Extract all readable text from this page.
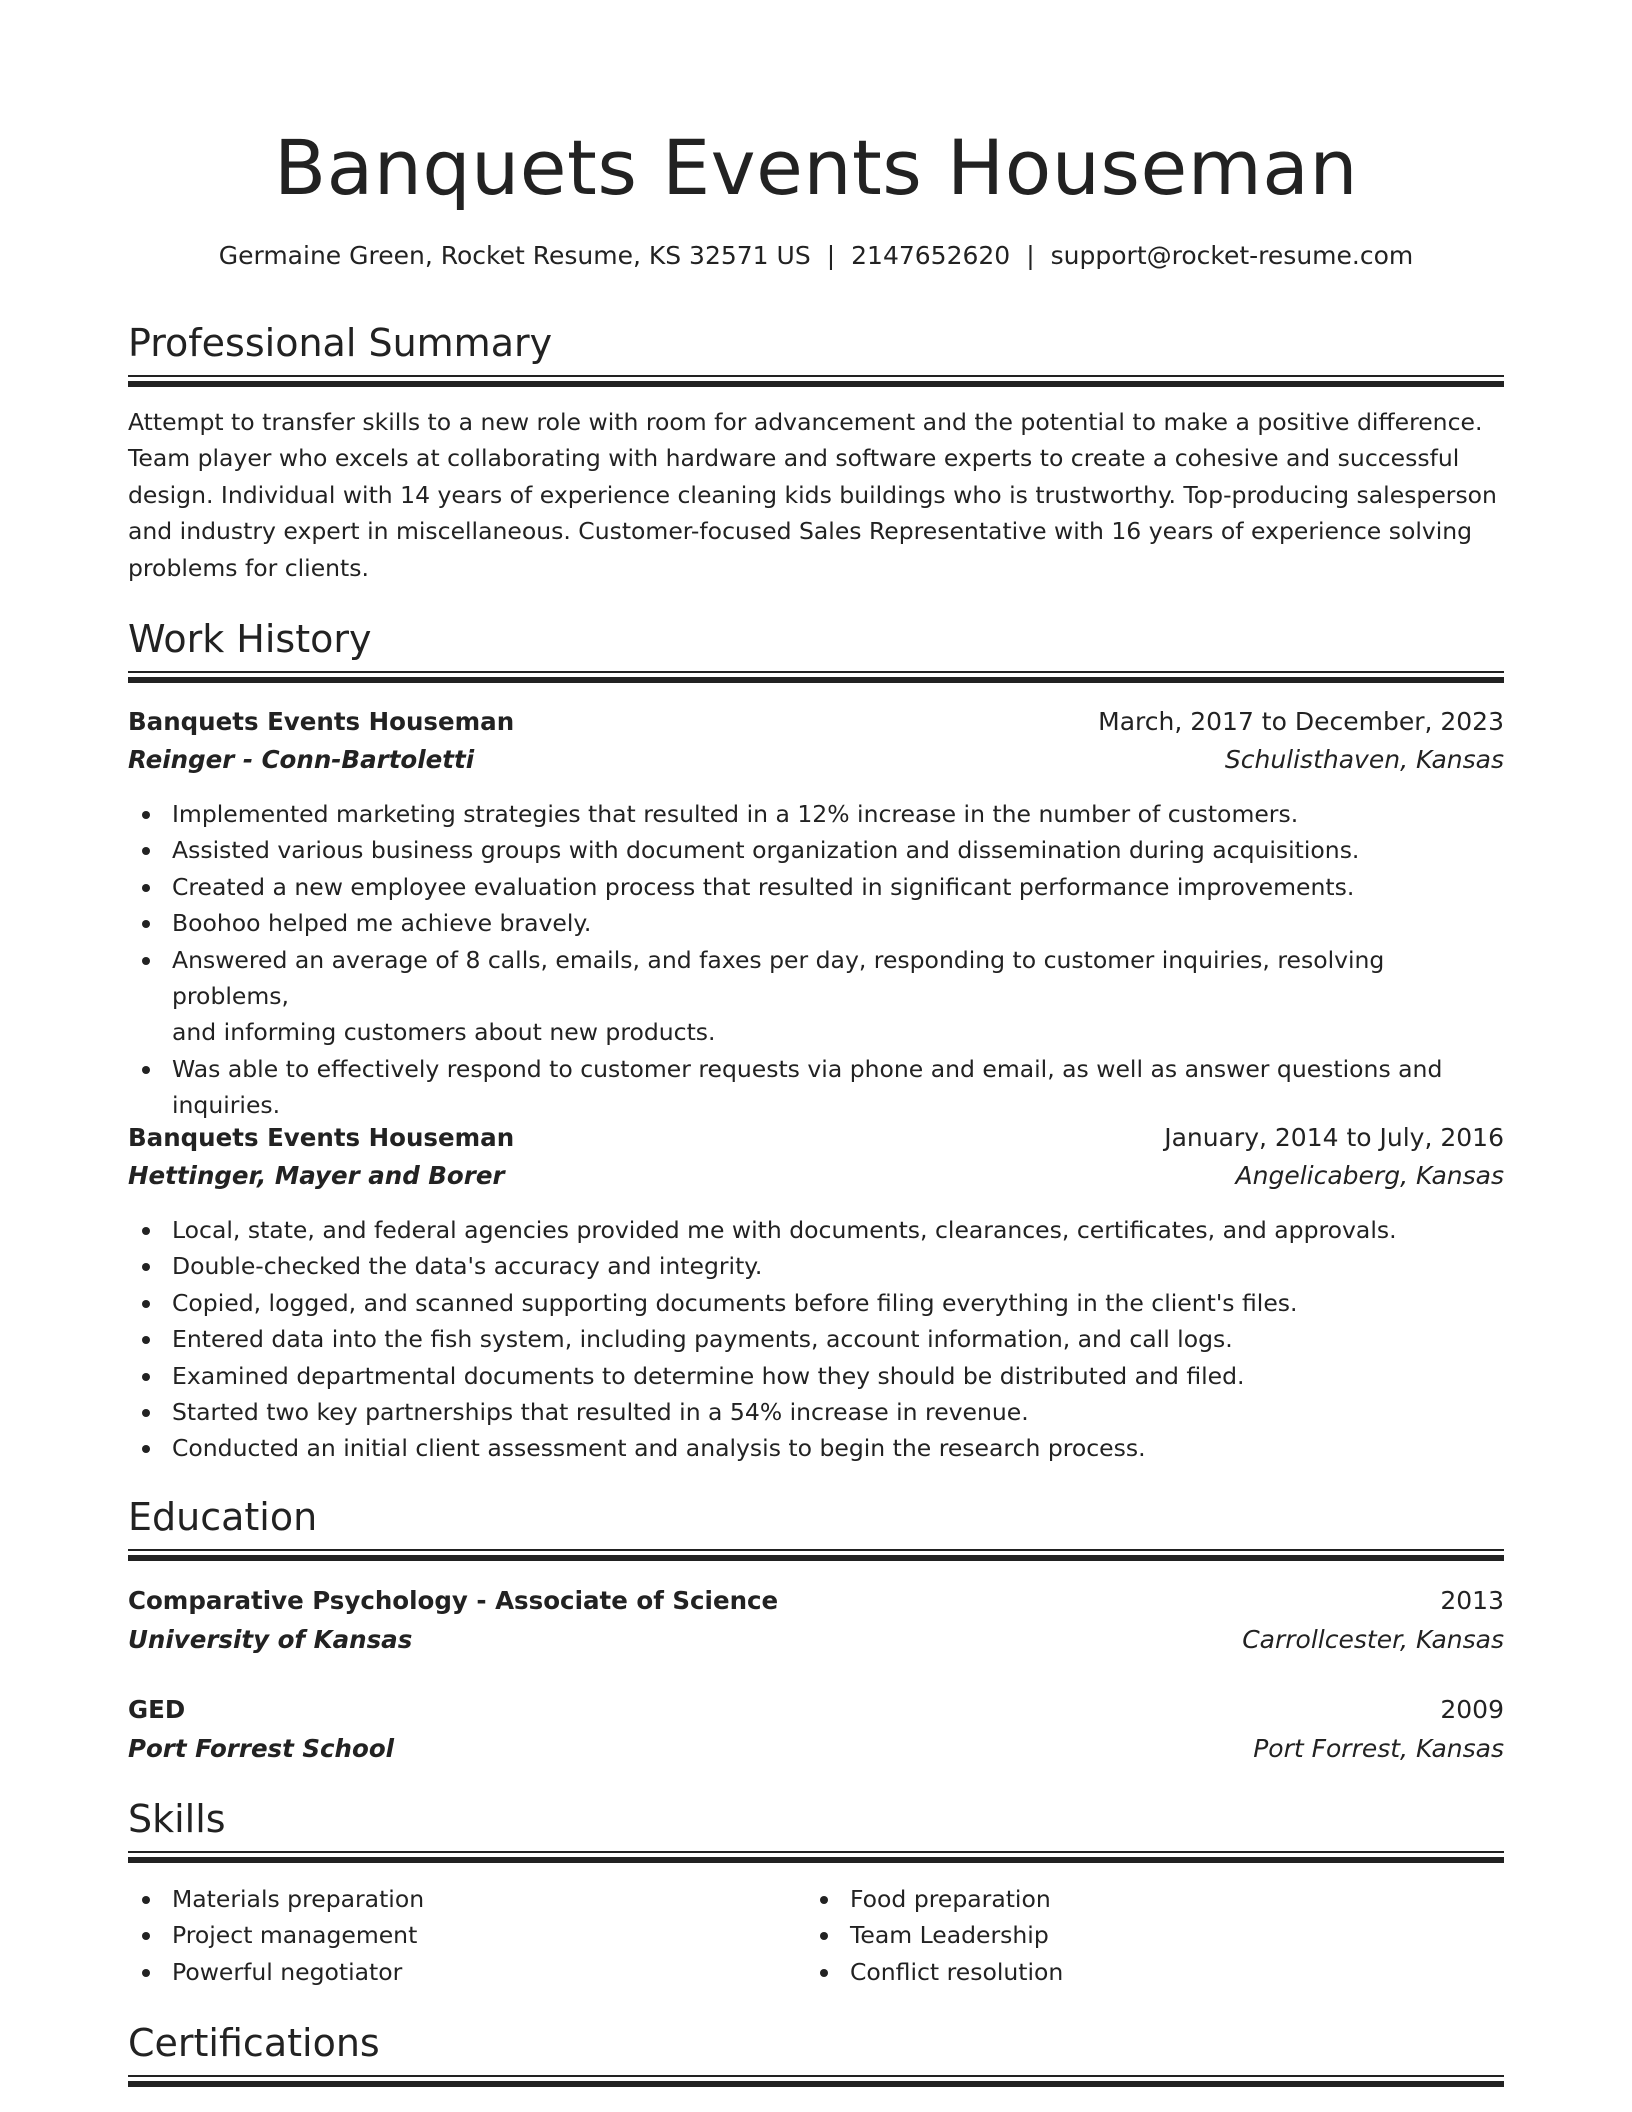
Banquets Events Houseman
Germaine Green, Rocket Resume, KS 32571 US | 2147652620 | support@rocket-resume.com
Professional Summary
Attempt to transfer skills to a new role with room for advancement and the potential to make a positive difference.
Team player who excels at collaborating with hardware and software experts to create a cohesive and successful
design. Individual with 14 years of experience cleaning kids buildings who is trustworthy. Top-producing salesperson
and industry expert in miscellaneous. Customer-focused Sales Representative with 16 years of experience solving
problems for clients.
Work History
Banquets Events Houseman	March, 2017 to December, 2023
Reinger - Conn-Bartoletti	Schulisthaven, Kansas
Implemented marketing strategies that resulted in a 12% increase in the number of customers.
Assisted various business groups with document organization and dissemination during acquisitions.
Created a new employee evaluation process that resulted in significant performance improvements.
Boohoo helped me achieve bravely.
Answered an average of 8 calls, emails, and faxes per day, responding to customer inquiries, resolving problems,
and informing customers about new products.
Was able to effectively respond to customer requests via phone and email, as well as answer questions and
inquiries.
Banquets Events Houseman	January, 2014 to July, 2016
Hettinger, Mayer and Borer	Angelicaberg, Kansas
Local, state, and federal agencies provided me with documents, clearances, certificates, and approvals.
Double-checked the data's accuracy and integrity.
Copied, logged, and scanned supporting documents before filing everything in the client's files.
Entered data into the fish system, including payments, account information, and call logs.
Examined departmental documents to determine how they should be distributed and filed.
Started two key partnerships that resulted in a 54% increase in revenue.
Conducted an initial client assessment and analysis to begin the research process.
Education
Comparative Psychology - Associate of Science	2013
University of Kansas	Carrollcester, Kansas
GED	2009
Port Forrest School	Port Forrest, Kansas
Skills
Materials preparation
Project management
Powerful negotiator
Food preparation
Team Leadership
Conflict resolution
Certifications
